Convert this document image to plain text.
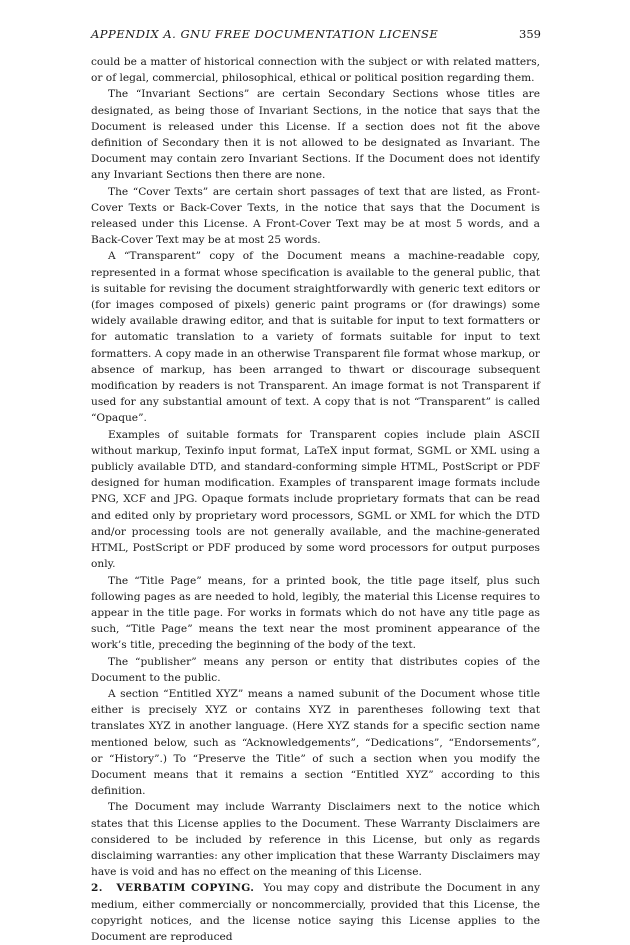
APPENDIX A. GNU FREE DOCUMENTATION LICENSE	359

could be a matter of historical connection with the subject or with related matters, or of legal, commercial, philosophical, ethical or political position regarding them.

The “Invariant Sections” are certain Secondary Sections whose titles are designated, as being those of Invariant Sections, in the notice that says that the Document is released under this License. If a section does not fit the above definition of Secondary then it is not allowed to be designated as Invariant. The Document may contain zero Invariant Sections. If the Document does not identify any Invariant Sections then there are none.

The “Cover Texts” are certain short passages of text that are listed, as Front-Cover Texts or Back-Cover Texts, in the notice that says that the Document is released under this License. A Front-Cover Text may be at most 5 words, and a Back-Cover Text may be at most 25 words.

A “Transparent” copy of the Document means a machine-readable copy, represented in a format whose specification is available to the general public, that is suitable for revising the document straightforwardly with generic text editors or (for images composed of pixels) generic paint programs or (for drawings) some widely available drawing editor, and that is suitable for input to text formatters or for automatic translation to a variety of formats suitable for input to text formatters. A copy made in an otherwise Transparent file format whose markup, or absence of markup, has been arranged to thwart or discourage subsequent modification by readers is not Transparent. An image format is not Transparent if used for any substantial amount of text. A copy that is not “Transparent” is called “Opaque”.

Examples of suitable formats for Transparent copies include plain ASCII without markup, Texinfo input format, LaTeX input format, SGML or XML using a publicly available DTD, and standard-conforming simple HTML, PostScript or PDF designed for human modification. Examples of transparent image formats include PNG, XCF and JPG. Opaque formats include proprietary formats that can be read and edited only by proprietary word processors, SGML or XML for which the DTD and/or processing tools are not generally available, and the machine-generated HTML, PostScript or PDF produced by some word processors for output purposes only.

The “Title Page” means, for a printed book, the title page itself, plus such following pages as are needed to hold, legibly, the material this License requires to appear in the title page. For works in formats which do not have any title page as such, “Title Page” means the text near the most prominent appearance of the work’s title, preceding the beginning of the body of the text.

The “publisher” means any person or entity that distributes copies of the Document to the public.

A section “Entitled XYZ” means a named subunit of the Document whose title either is precisely XYZ or contains XYZ in parentheses following text that translates XYZ in another language. (Here XYZ stands for a specific section name mentioned below, such as “Acknowledgements”, “Dedications”, “Endorsements”, or “History”.) To “Preserve the Title” of such a section when you modify the Document means that it remains a section “Entitled XYZ” according to this definition.

The Document may include Warranty Disclaimers next to the notice which states that this License applies to the Document. These Warranty Disclaimers are considered to be included by reference in this License, but only as regards disclaiming warranties: any other implication that these Warranty Disclaimers may have is void and has no effect on the meaning of this License.

2. VERBATIM COPYING. You may copy and distribute the Document in any medium, either commercially or noncommercially, provided that this License, the copyright notices, and the license notice saying this License applies to the Document are reproduced
